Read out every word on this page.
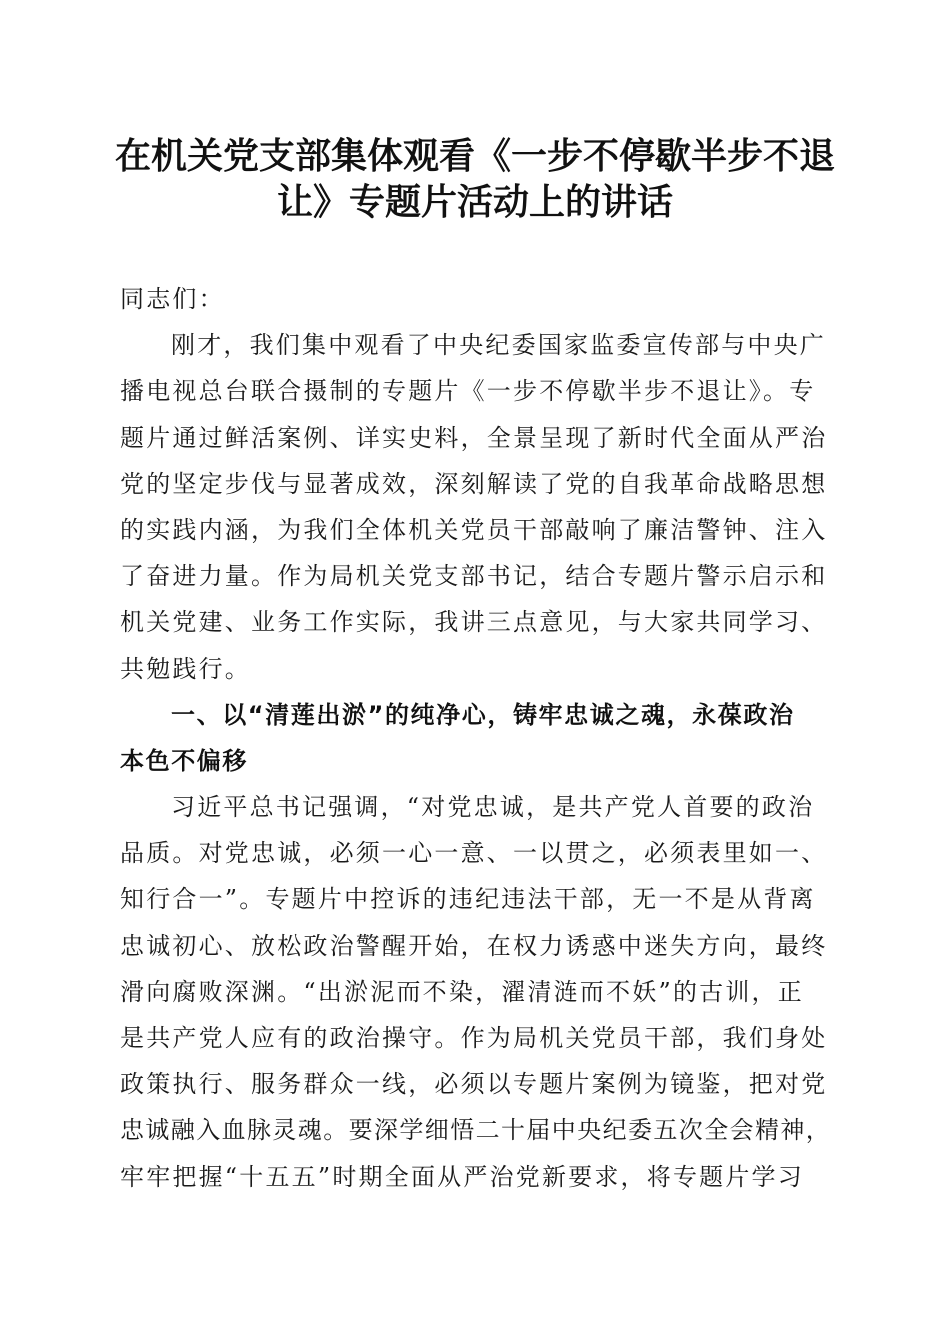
在机关党支部集体观看《一步不停歇半步不退
让》专题片活动上的讲话
同志们：
刚才，我们集中观看了中央纪委国家监委宣传部与中央广
播电视总台联合摄制的专题片《一步不停歇半步不退让》。专
题片通过鲜活案例、详实史料，全景呈现了新时代全面从严治
党的坚定步伐与显著成效，深刻解读了党的自我革命战略思想
的实践内涵，为我们全体机关党员干部敲响了廉洁警钟、注入
了奋进力量。作为局机关党支部书记，结合专题片警示启示和
机关党建、业务工作实际，我讲三点意见，与大家共同学习、
共勉践行。
一、以“清莲出淤”的纯净心，铸牢忠诚之魂，永葆政治
本色不偏移
习近平总书记强调，“对党忠诚，是共产党人首要的政治
品质。对党忠诚，必须一心一意、一以贯之，必须表里如一、
知行合一”。专题片中控诉的违纪违法干部，无一不是从背离
忠诚初心、放松政治警醒开始，在权力诱惑中迷失方向，最终
滑向腐败深渊。“出淤泥而不染，濯清涟而不妖”的古训，正
是共产党人应有的政治操守。作为局机关党员干部，我们身处
政策执行、服务群众一线，必须以专题片案例为镜鉴，把对党
忠诚融入血脉灵魂。要深学细悟二十届中央纪委五次全会精神，
牢牢把握“十五五”时期全面从严治党新要求，将专题片学习
